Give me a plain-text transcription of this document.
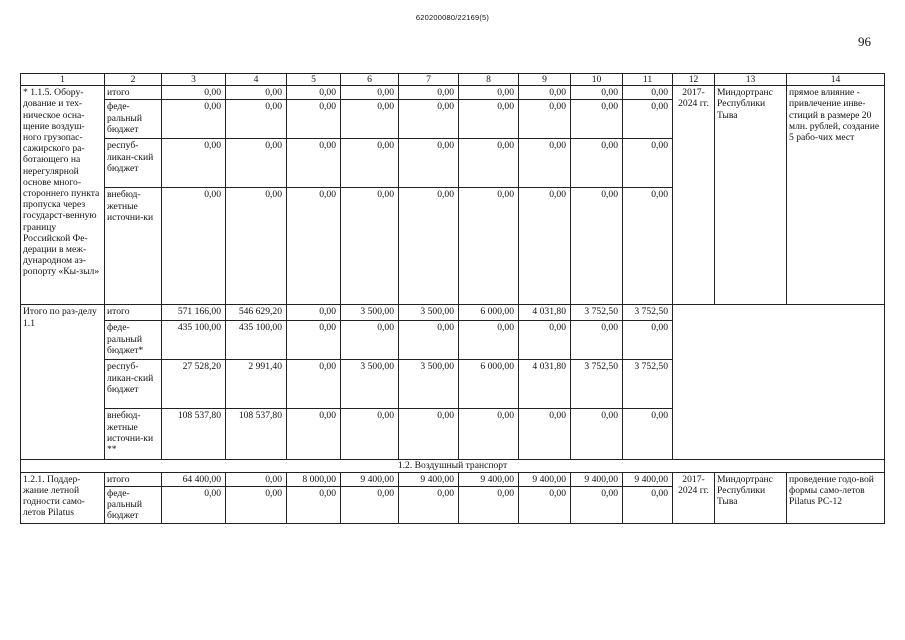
620200080/22169(5)
96
1	2	3	4	5	6	7	8	9	10	11	12	13	14
* 1.1.5. Обору-дование и тех-ническое осна-щение воздуш-ного грузопас-сажирского ра-ботающего на нерегулярной основе много-стороннего пункта пропуска через государст-венную границу Российской Фе-дерации в меж-дународном аэ-ропорту «Кы-зыл»	итого	0,00	0,00	0,00	0,00	0,00	0,00	0,00	0,00	0,00	2017-2024 гг.	Миндортранс Республики Тыва	прямое влияние - привлечение инве-стиций в размере 20 млн. рублей, создание 5 рабо-чих мест
	феде-ральный бюджет	0,00	0,00	0,00	0,00	0,00	0,00	0,00	0,00	0,00			
	респуб-ликан-ский бюджет	0,00	0,00	0,00	0,00	0,00	0,00	0,00	0,00	0,00			
	внебюд-жетные источни-ки	0,00	0,00	0,00	0,00	0,00	0,00	0,00	0,00	0,00			
Итого по раз-делу 1.1	итого	571 166,00	546 629,20	0,00	3 500,00	3 500,00	6 000,00	4 031,80	3 752,50	3 752,50			
	феде-ральный бюджет*	435 100,00	435 100,00	0,00	0,00	0,00	0,00	0,00	0,00	0,00			
	респуб-ликан-ский бюджет	27 528,20	2 991,40	0,00	3 500,00	3 500,00	6 000,00	4 031,80	3 752,50	3 752,50			
	внебюд-жетные источни-ки **	108 537,80	108 537,80	0,00	0,00	0,00	0,00	0,00	0,00	0,00			
1.2. Воздушный транспорт													
1.2.1. Поддер-жание летной годности само-летов Pilatus	итого	64 400,00	0,00	8 000,00	9 400,00	9 400,00	9 400,00	9 400,00	9 400,00	9 400,00	2017-2024 гг.	Миндортранс Республики Тыва	проведение годо-вой формы само-летов Pilatus PC-12
	феде-ральный бюджет	0,00	0,00	0,00	0,00	0,00	0,00	0,00	0,00	0,00			
